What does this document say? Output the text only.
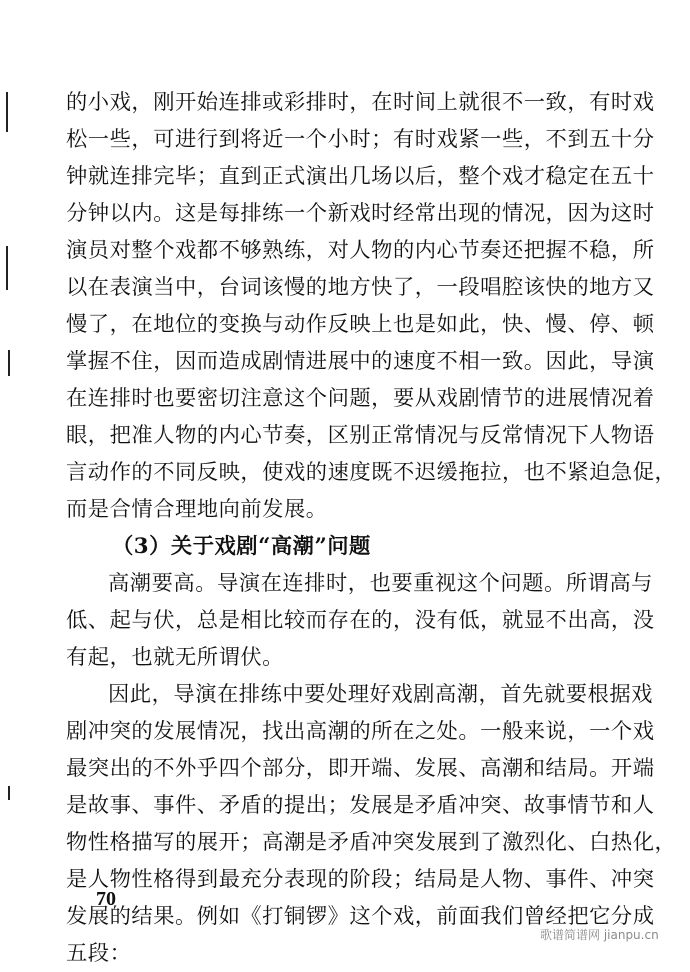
的小戏，刚开始连排或彩排时，在时间上就很不一致，有时戏
松一些，可进行到将近一个小时；有时戏紧一些，不到五十分
钟就连排完毕；直到正式演出几场以后，整个戏才稳定在五十
分钟以内。这是每排练一个新戏时经常出现的情况，因为这时
演员对整个戏都不够熟练，对人物的内心节奏还把握不稳，所
以在表演当中，台词该慢的地方快了，一段唱腔该快的地方又
慢了，在地位的变换与动作反映上也是如此，快、慢、停、顿
掌握不住，因而造成剧情进展中的速度不相一致。因此，导演
在连排时也要密切注意这个问题，要从戏剧情节的进展情况着
眼，把准人物的内心节奏，区别正常情况与反常情况下人物语
言动作的不同反映，使戏的速度既不迟缓拖拉，也不紧迫急促，
而是合情合理地向前发展。
（3）关于戏剧“高潮”问题
高潮要高。导演在连排时，也要重视这个问题。所谓高与
低、起与伏，总是相比较而存在的，没有低，就显不出高，没
有起，也就无所谓伏。
因此，导演在排练中要处理好戏剧高潮，首先就要根据戏
剧冲突的发展情况，找出高潮的所在之处。一般来说，一个戏
最突出的不外乎四个部分，即开端、发展、高潮和结局。开端
是故事、事件、矛盾的提出；发展是矛盾冲突、故事情节和人
物性格描写的展开；高潮是矛盾冲突发展到了激烈化、白热化，
是人物性格得到最充分表现的阶段；结局是人物、事件、冲突
发展的结果。例如《打铜锣》这个戏，前面我们曾经把它分成
五段：
70
歌谱简谱网 jianpu.cn
